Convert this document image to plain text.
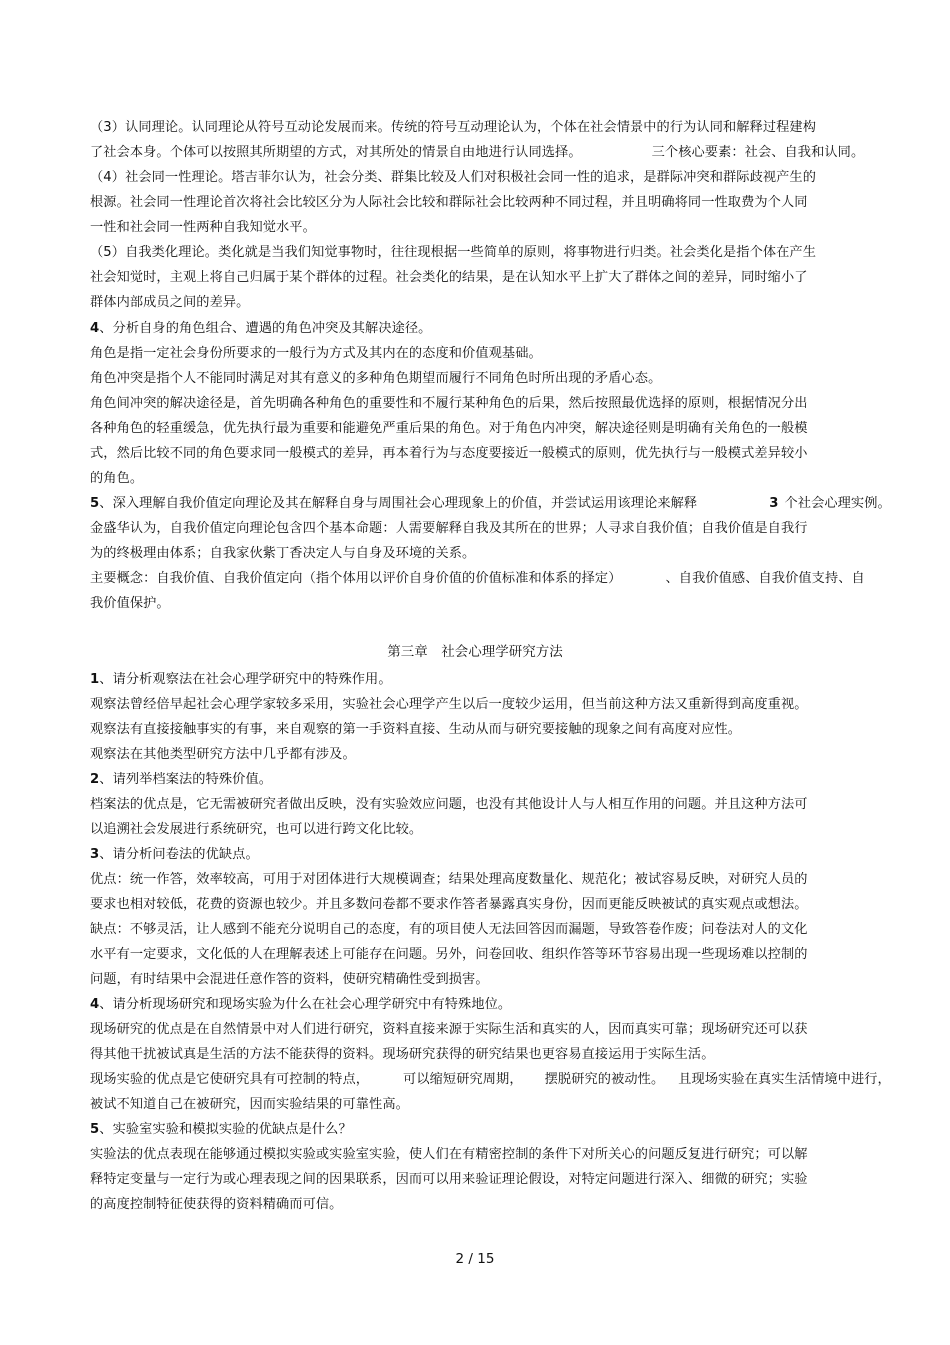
（3）认同理论。认同理论从符号互动论发展而来。传统的符号互动理论认为，个体在社会情景中的行为认同和解释过程建构
了社会本身。个体可以按照其所期望的方式，对其所处的情景自由地进行认同选择。	三个核心要素：社会、自我和认同。
（4）社会同一性理论。塔吉菲尔认为，社会分类、群集比较及人们对积极社会同一性的追求，是群际冲突和群际歧视产生的
根源。社会同一性理论首次将社会比较区分为人际社会比较和群际社会比较两种不同过程，并且明确将同一性取费为个人同
一性和社会同一性两种自我知觉水平。
（5）自我类化理论。类化就是当我们知觉事物时，往往现根据一些简单的原则，将事物进行归类。社会类化是指个体在产生
社会知觉时，主观上将自己归属于某个群体的过程。社会类化的结果，是在认知水平上扩大了群体之间的差异，同时缩小了
群体内部成员之间的差异。
4、分析自身的角色组合、遭遇的角色冲突及其解决途径。
角色是指一定社会身份所要求的一般行为方式及其内在的态度和价值观基础。
角色冲突是指个人不能同时满足对其有意义的多种角色期望而履行不同角色时所出现的矛盾心态。
角色间冲突的解决途径是，首先明确各种角色的重要性和不履行某种角色的后果，然后按照最优选择的原则，根据情况分出
各种角色的轻重缓急，优先执行最为重要和能避免严重后果的角色。对于角色内冲突，解决途径则是明确有关角色的一般模
式，然后比较不同的角色要求同一般模式的差异，再本着行为与态度要接近一般模式的原则，优先执行与一般模式差异较小
的角色。
5、深入理解自我价值定向理论及其在解释自身与周围社会心理现象上的价值，并尝试运用该理论来解释	3 个社会心理实例。
金盛华认为，自我价值定向理论包含四个基本命题：人需要解释自我及其所在的世界；人寻求自我价值；自我价值是自我行
为的终极理由体系；自我家伙紫丁香决定人与自身及环境的关系。
主要概念：自我价值、自我价值定向（指个体用以评价自身价值的价值标准和体系的择定）	、自我价值感、自我价值支持、自
我价值保护。
第三章　社会心理学研究方法
1、请分析观察法在社会心理学研究中的特殊作用。
观察法曾经倍早起社会心理学家较多采用，实验社会心理学产生以后一度较少运用，但当前这种方法又重新得到高度重视。
观察法有直接接触事实的有事，来自观察的第一手资料直接、生动从而与研究要接触的现象之间有高度对应性。
观察法在其他类型研究方法中几乎都有涉及。
2、请列举档案法的特殊价值。
档案法的优点是，它无需被研究者做出反映，没有实验效应问题，也没有其他设计人与人相互作用的问题。并且这种方法可
以追溯社会发展进行系统研究，也可以进行跨文化比较。
3、请分析问卷法的优缺点。
优点：统一作答，效率较高，可用于对团体进行大规模调查；结果处理高度数量化、规范化；被试容易反映，对研究人员的
要求也相对较低，花费的资源也较少。并且多数问卷都不要求作答者暴露真实身份，因而更能反映被试的真实观点或想法。
缺点：不够灵活，让人感到不能充分说明自己的态度，有的项目使人无法回答因而漏题，导致答卷作废；问卷法对人的文化
水平有一定要求，文化低的人在理解表述上可能存在问题。另外，问卷回收、组织作答等环节容易出现一些现场难以控制的
问题，有时结果中会混进任意作答的资料，使研究精确性受到损害。
4、请分析现场研究和现场实验为什么在社会心理学研究中有特殊地位。
现场研究的优点是在自然情景中对人们进行研究，资料直接来源于实际生活和真实的人，因而真实可靠；现场研究还可以获
得其他干扰被试真是生活的方法不能获得的资料。现场研究获得的研究结果也更容易直接运用于实际生活。
现场实验的优点是它使研究具有可控制的特点，	可以缩短研究周期， 摆脱研究的被动性。 且现场实验在真实生活情境中进行，
被试不知道自己在被研究，因而实验结果的可靠性高。
5、实验室实验和模拟实验的优缺点是什么？
实验法的优点表现在能够通过模拟实验或实验室实验，使人们在有精密控制的条件下对所关心的问题反复进行研究；可以解
释特定变量与一定行为或心理表现之间的因果联系，因而可以用来验证理论假设，对特定问题进行深入、细微的研究；实验
的高度控制特征使获得的资料精确而可信。
2 / 15
